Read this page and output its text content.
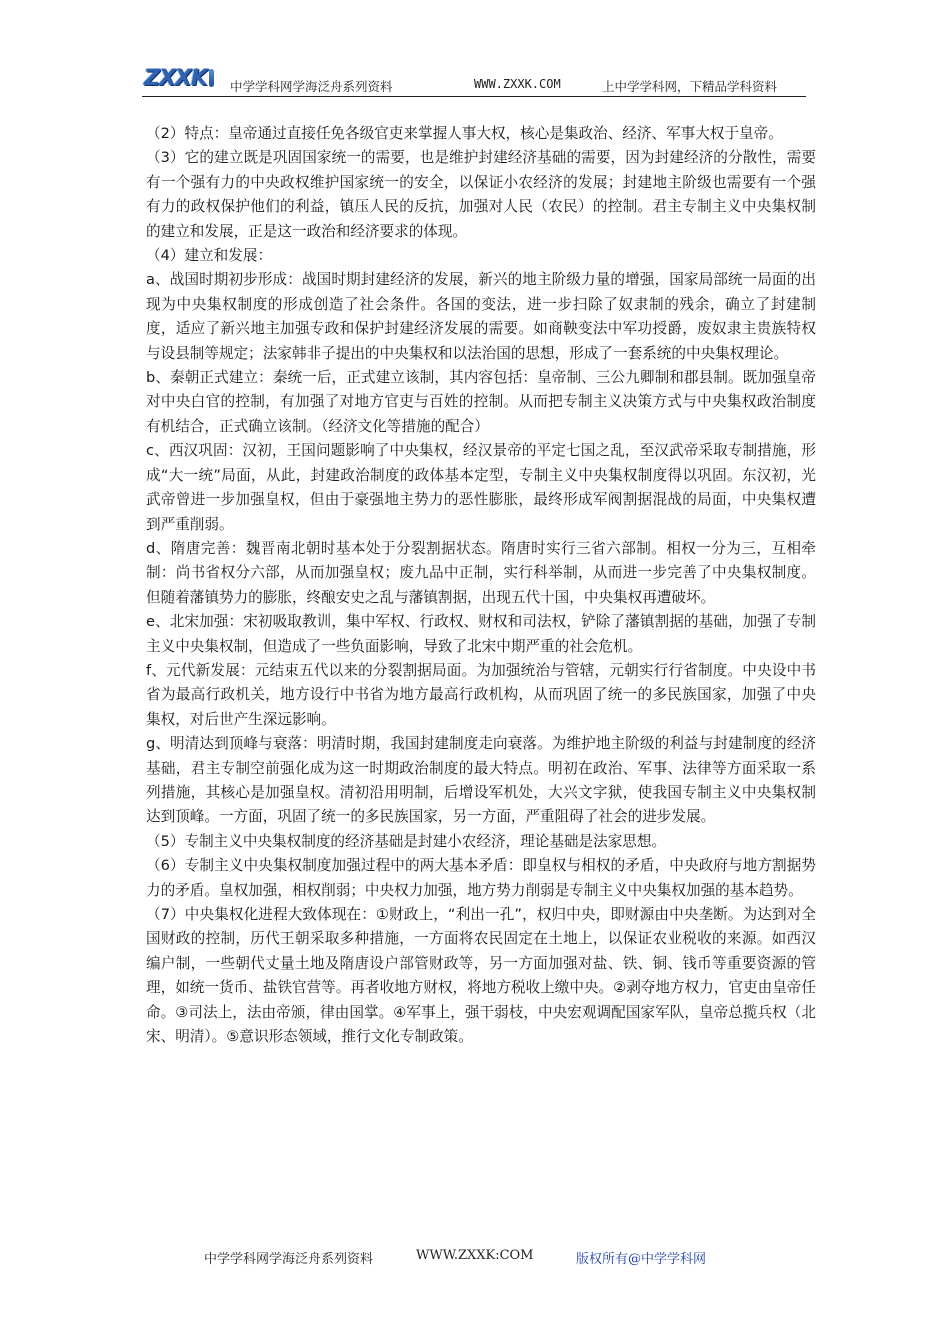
ZXXK 中学学科网学海泛舟系列资料	WWW.ZXXK.COM	上中学学科网，下精品学科资料

（2）特点：皇帝通过直接任免各级官吏来掌握人事大权，核心是集政治、经济、军事大权于皇帝。

（3）它的建立既是巩固国家统一的需要，也是维护封建经济基础的需要，因为封建经济的分散性，需要有一个强有力的中央政权维护国家统一的安全，以保证小农经济的发展；封建地主阶级也需要有一个强有力的政权保护他们的利益，镇压人民的反抗，加强对人民（农民）的控制。君主专制主义中央集权制的建立和发展，正是这一政治和经济要求的体现。

（4）建立和发展：

a、战国时期初步形成：战国时期封建经济的发展，新兴的地主阶级力量的增强，国家局部统一局面的出现为中央集权制度的形成创造了社会条件。各国的变法，进一步扫除了奴隶制的残余，确立了封建制度，适应了新兴地主加强专政和保护封建经济发展的需要。如商鞅变法中军功授爵，废奴隶主贵族特权与设县制等规定；法家韩非子提出的中央集权和以法治国的思想，形成了一套系统的中央集权理论。

b、秦朝正式建立：秦统一后，正式建立该制，其内容包括：皇帝制、三公九卿制和郡县制。既加强皇帝对中央白官的控制，有加强了对地方官吏与百姓的控制。从而把专制主义决策方式与中央集权政治制度有机结合，正式确立该制。（经济文化等措施的配合）

c、西汉巩固：汉初，王国问题影响了中央集权，经汉景帝的平定七国之乱，至汉武帝采取专制措施，形成“大一统”局面，从此，封建政治制度的政体基本定型，专制主义中央集权制度得以巩固。东汉初，光武帝曾进一步加强皇权，但由于豪强地主势力的恶性膨胀，最终形成军阀割据混战的局面，中央集权遭到严重削弱。

d、隋唐完善：魏晋南北朝时基本处于分裂割据状态。隋唐时实行三省六部制。相权一分为三，互相牵制：尚书省权分六部，从而加强皇权；废九品中正制，实行科举制，从而进一步完善了中央集权制度。但随着藩镇势力的膨胀，终酿安史之乱与藩镇割据，出现五代十国，中央集权再遭破坏。

e、北宋加强：宋初吸取教训，集中军权、行政权、财权和司法权，铲除了藩镇割据的基础，加强了专制主义中央集权制，但造成了一些负面影响，导致了北宋中期严重的社会危机。

f、元代新发展：元结束五代以来的分裂割据局面。为加强统治与管辖，元朝实行行省制度。中央设中书省为最高行政机关，地方设行中书省为地方最高行政机构，从而巩固了统一的多民族国家，加强了中央集权，对后世产生深远影响。

g、明清达到顶峰与衰落：明清时期，我国封建制度走向衰落。为维护地主阶级的利益与封建制度的经济基础，君主专制空前强化成为这一时期政治制度的最大特点。明初在政治、军事、法律等方面采取一系列措施，其核心是加强皇权。清初沿用明制，后增设军机处，大兴文字狱，使我国专制主义中央集权制达到顶峰。一方面，巩固了统一的多民族国家，另一方面，严重阻碍了社会的进步发展。

（5）专制主义中央集权制度的经济基础是封建小农经济，理论基础是法家思想。

（6）专制主义中央集权制度加强过程中的两大基本矛盾：即皇权与相权的矛盾，中央政府与地方割据势力的矛盾。皇权加强，相权削弱；中央权力加强，地方势力削弱是专制主义中央集权加强的基本趋势。

（7）中央集权化进程大致体现在：①财政上，“利出一孔”，权归中央，即财源由中央垄断。为达到对全国财政的控制，历代王朝采取多种措施，一方面将农民固定在土地上，以保证农业税收的来源。如西汉编户制，一些朝代丈量土地及隋唐设户部管财政等，另一方面加强对盐、铁、铜、钱币等重要资源的管理，如统一货币、盐铁官营等。再者收地方财权，将地方税收上缴中央。②剥夺地方权力，官吏由皇帝任命。③司法上，法由帝颁，律由国掌。④军事上，强干弱枝，中央宏观调配国家军队，皇帝总揽兵权（北宋、明清）。⑤意识形态领域，推行文化专制政策。

中学学科网学海泛舟系列资料	WWW.ZXXK:COM	版权所有@中学学科网
